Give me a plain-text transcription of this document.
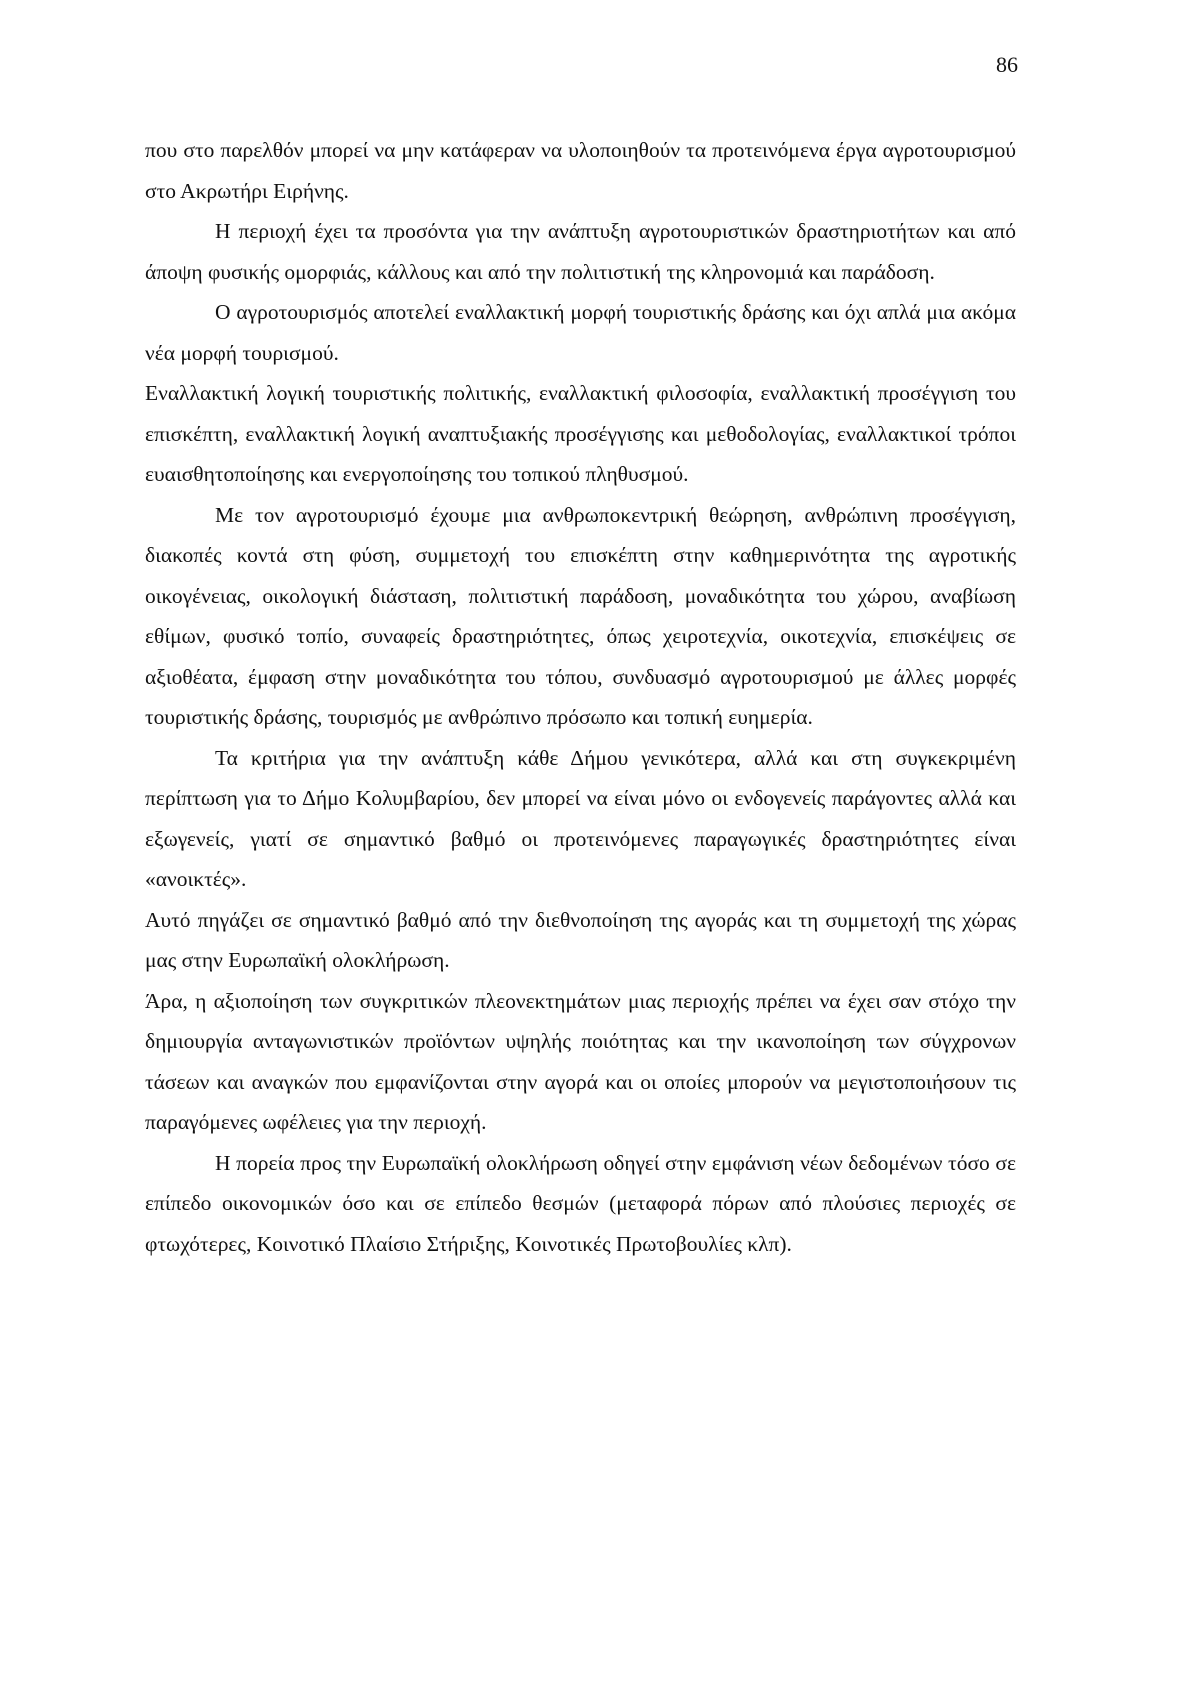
86

που στο παρελθόν μπορεί να μην κατάφεραν να υλοποιηθούν τα προτεινόμενα έργα αγροτουρισμού στο Ακρωτήρι Ειρήνης.

Η περιοχή έχει τα προσόντα για την ανάπτυξη αγροτουριστικών δραστηριοτήτων και από άποψη φυσικής ομορφιάς, κάλλους και από την πολιτιστική της κληρονομιά και παράδοση.

Ο αγροτουρισμός αποτελεί εναλλακτική μορφή τουριστικής δράσης και όχι απλά μια ακόμα νέα μορφή τουρισμού.

Εναλλακτική λογική τουριστικής πολιτικής, εναλλακτική φιλοσοφία, εναλλακτική προσέγγιση του επισκέπτη, εναλλακτική λογική αναπτυξιακής προσέγγισης και μεθοδολογίας, εναλλακτικοί τρόποι ευαισθητοποίησης και ενεργοποίησης του τοπικού πληθυσμού.

Με τον αγροτουρισμό έχουμε μια ανθρωποκεντρική θεώρηση, ανθρώπινη προσέγγιση, διακοπές κοντά στη φύση, συμμετοχή του επισκέπτη στην καθημερινότητα της αγροτικής οικογένειας, οικολογική διάσταση, πολιτιστική παράδοση, μοναδικότητα του χώρου, αναβίωση εθίμων, φυσικό τοπίο, συναφείς δραστηριότητες, όπως χειροτεχνία, οικοτεχνία, επισκέψεις σε αξιοθέατα, έμφαση στην μοναδικότητα του τόπου, συνδυασμό αγροτουρισμού με άλλες μορφές τουριστικής δράσης, τουρισμός με ανθρώπινο πρόσωπο και τοπική ευημερία.

Τα κριτήρια για την ανάπτυξη κάθε Δήμου γενικότερα, αλλά και στη συγκεκριμένη περίπτωση για το Δήμο Κολυμβαρίου, δεν μπορεί να είναι μόνο οι ενδογενείς παράγοντες αλλά και εξωγενείς, γιατί σε σημαντικό βαθμό οι προτεινόμενες παραγωγικές δραστηριότητες είναι «ανοικτές».

Αυτό πηγάζει σε σημαντικό βαθμό από την διεθνοποίηση της αγοράς και τη συμμετοχή της χώρας μας στην Ευρωπαϊκή ολοκλήρωση.

Άρα, η αξιοποίηση των συγκριτικών πλεονεκτημάτων μιας περιοχής πρέπει να έχει σαν στόχο την δημιουργία ανταγωνιστικών προϊόντων υψηλής ποιότητας και την ικανοποίηση των σύγχρονων τάσεων και αναγκών που εμφανίζονται στην αγορά και οι οποίες μπορούν να μεγιστοποιήσουν τις παραγόμενες ωφέλειες για την περιοχή.

Η πορεία προς την Ευρωπαϊκή ολοκλήρωση οδηγεί στην εμφάνιση νέων δεδομένων τόσο σε επίπεδο οικονομικών όσο και σε επίπεδο θεσμών (μεταφορά πόρων από πλούσιες περιοχές σε φτωχότερες, Κοινοτικό Πλαίσιο Στήριξης, Κοινοτικές Πρωτοβουλίες κλπ).
